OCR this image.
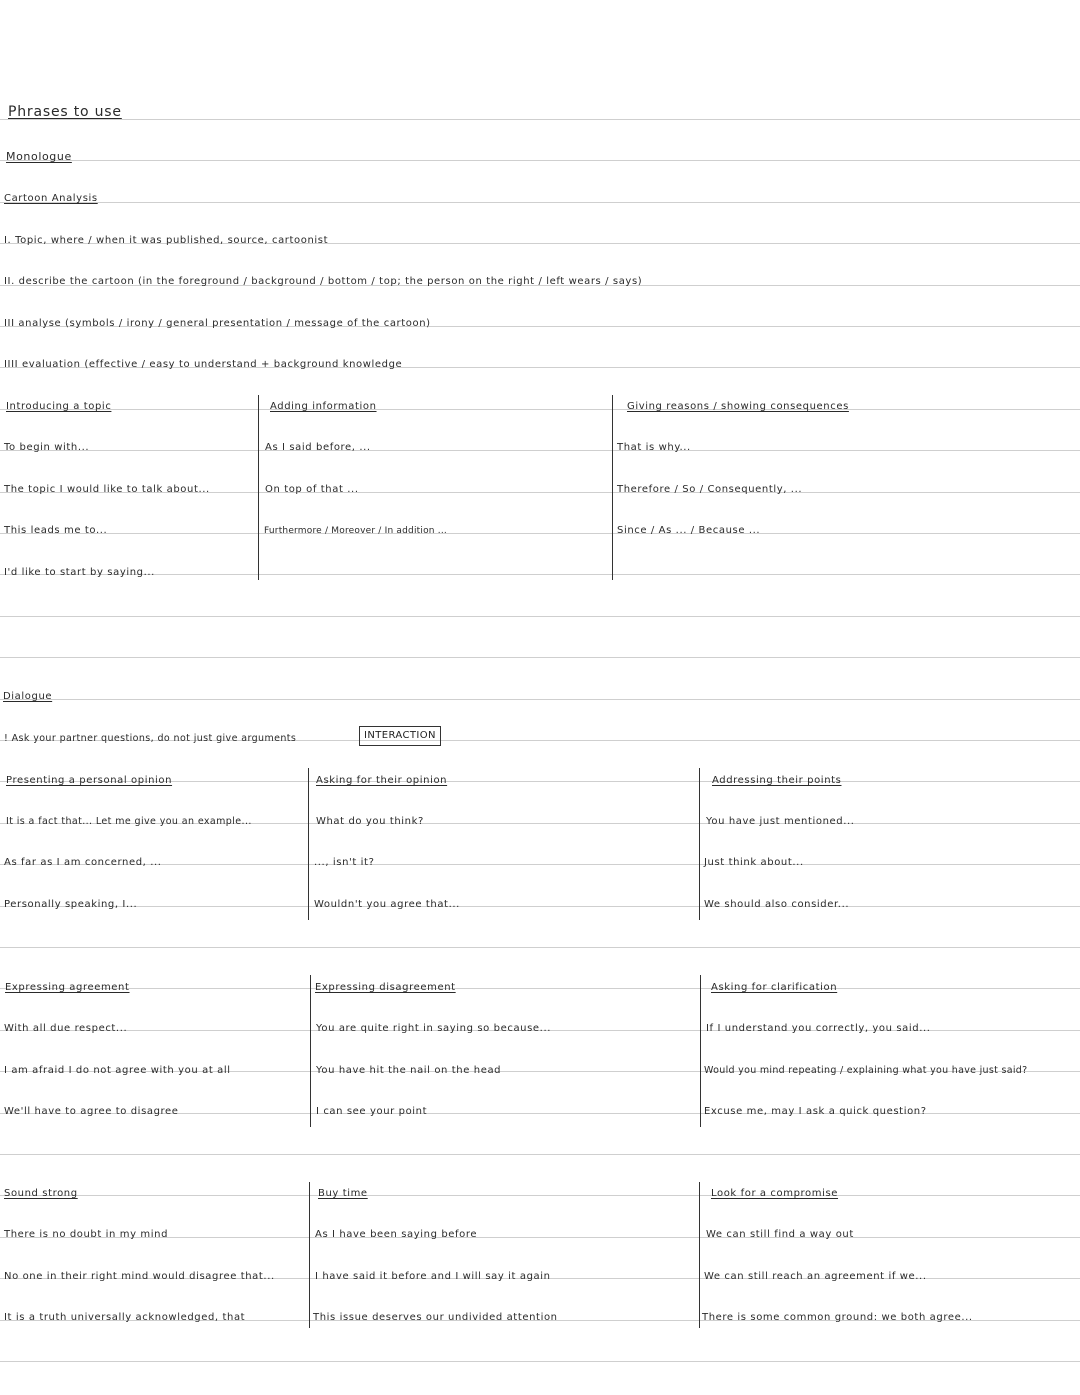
Phrases to use
Monologue
Cartoon Analysis
I. Topic, where / when it was published, source, cartoonist
II. describe the cartoon (in the foreground / background / bottom / top; the person on the right / left wears / says)
III analyse (symbols / irony / general presentation / message of the cartoon)
IIII evaluation (effective / easy to understand + background knowledge
Introducing a topic
To begin with...
The topic I would like to talk about...
This leads me to...
I'd like to start by saying...
Adding information
As I said before, ...
On top of that ...
Furthermore / Moreover / In addition ...
Giving reasons / showing consequences
That is why...
Therefore / So / Consequently, ...
Since / As ... / Because ...
Dialogue
! Ask your partner questions, do not just give arguments	INTERACTION
Presenting a personal opinion
It is a fact that... Let me give you an example...
As far as I am concerned, ...
Personally speaking, I...
Asking for their opinion
What do you think?
..., isn't it?
Wouldn't you agree that...
Addressing their points
You have just mentioned...
Just think about...
We should also consider...
Expressing agreement
With all due respect...
I am afraid I do not agree with you at all
We'll have to agree to disagree
Expressing disagreement
You are quite right in saying so because...
You have hit the nail on the head
I can see your point
Asking for clarification
If I understand you correctly, you said...
Would you mind repeating / explaining what you have just said?
Excuse me, may I ask a quick question?
Sound strong
There is no doubt in my mind
No one in their right mind would disagree that...
It is a truth universally acknowledged, that
Buy time
As I have been saying before
I have said it before and I will say it again
This issue deserves our undivided attention
Look for a compromise
We can still find a way out
We can still reach an agreement if we...
There is some common ground: we both agree...
